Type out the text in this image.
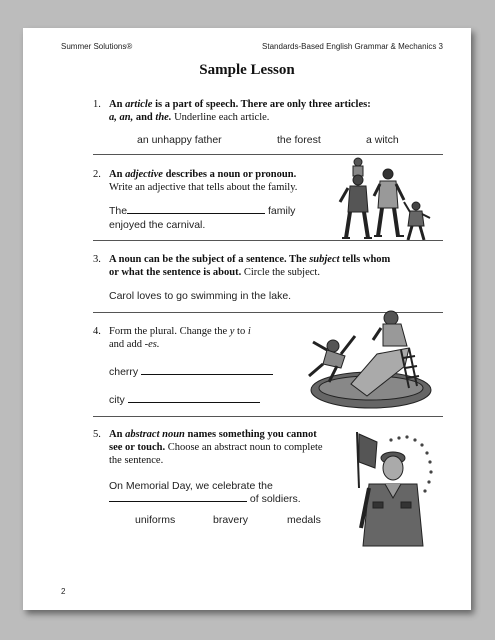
Summer Solutions®	Standards-Based English Grammar & Mechanics 3
Sample Lesson
1. An article is a part of speech. There are only three articles:
a, an, and the. Underline each article.
an unhappy father	the forest	a witch
2. An adjective describes a noun or pronoun.
Write an adjective that tells about the family.
The	family
enjoyed the carnival.
3. A noun can be the subject of a sentence. The subject tells whom
or what the sentence is about. Circle the subject.
Carol loves to go swimming in the lake.
4. Form the plural. Change the y to i
and add -es.
cherry
city
5. An abstract noun names something you cannot
see or touch. Choose an abstract noun to complete
the sentence.
On Memorial Day, we celebrate the
of soldiers.
uniforms	bravery	medals
2
